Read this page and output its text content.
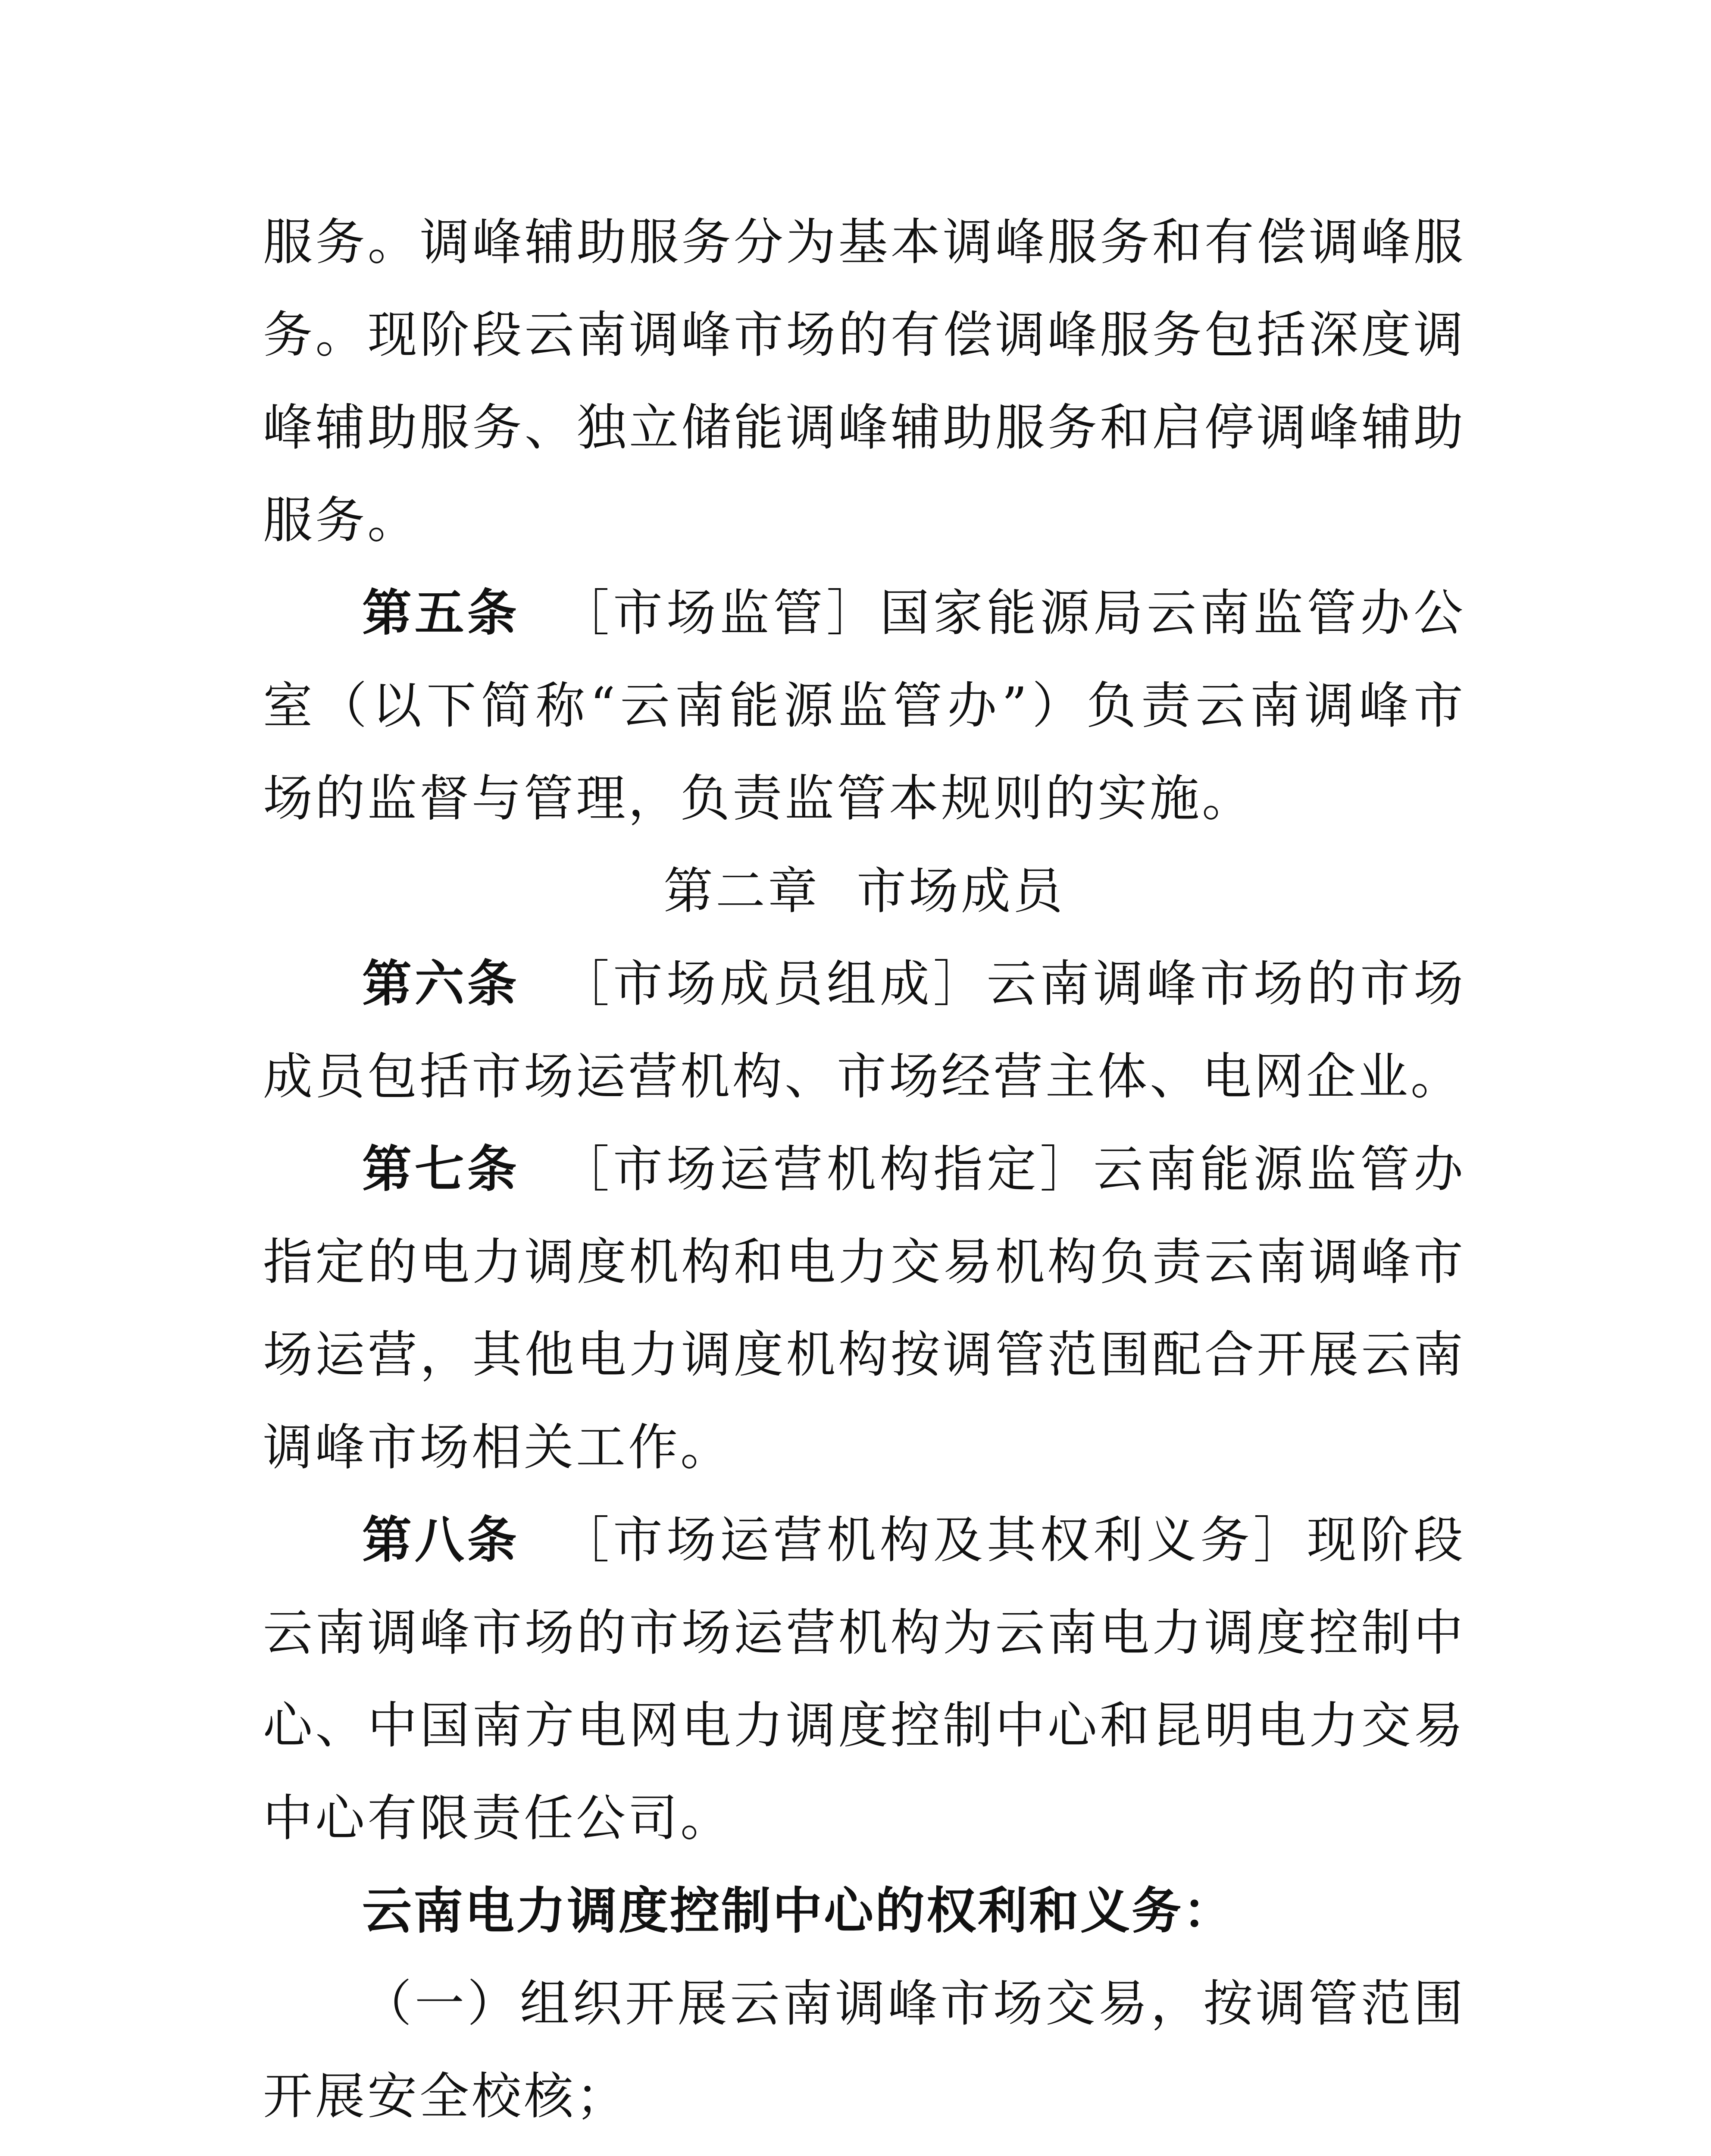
服务。调峰辅助服务分为基本调峰服务和有偿调峰服务。现阶段云南调峰市场的有偿调峰服务包括深度调峰辅助服务、独立储能调峰辅助服务和启停调峰辅助服务。

第五条 ［市场监管］国家能源局云南监管办公室（以下简称“云南能源监管办”）负责云南调峰市场的监督与管理，负责监管本规则的实施。

第二章  市场成员

第六条 ［市场成员组成］云南调峰市场的市场成员包括市场运营机构、市场经营主体、电网企业。

第七条 ［市场运营机构指定］云南能源监管办指定的电力调度机构和电力交易机构负责云南调峰市场运营，其他电力调度机构按调管范围配合开展云南调峰市场相关工作。

第八条 ［市场运营机构及其权利义务］现阶段云南调峰市场的市场运营机构为云南电力调度控制中心、中国南方电网电力调度控制中心和昆明电力交易中心有限责任公司。

云南电力调度控制中心的权利和义务：

（一）组织开展云南调峰市场交易，按调管范围开展安全校核；
